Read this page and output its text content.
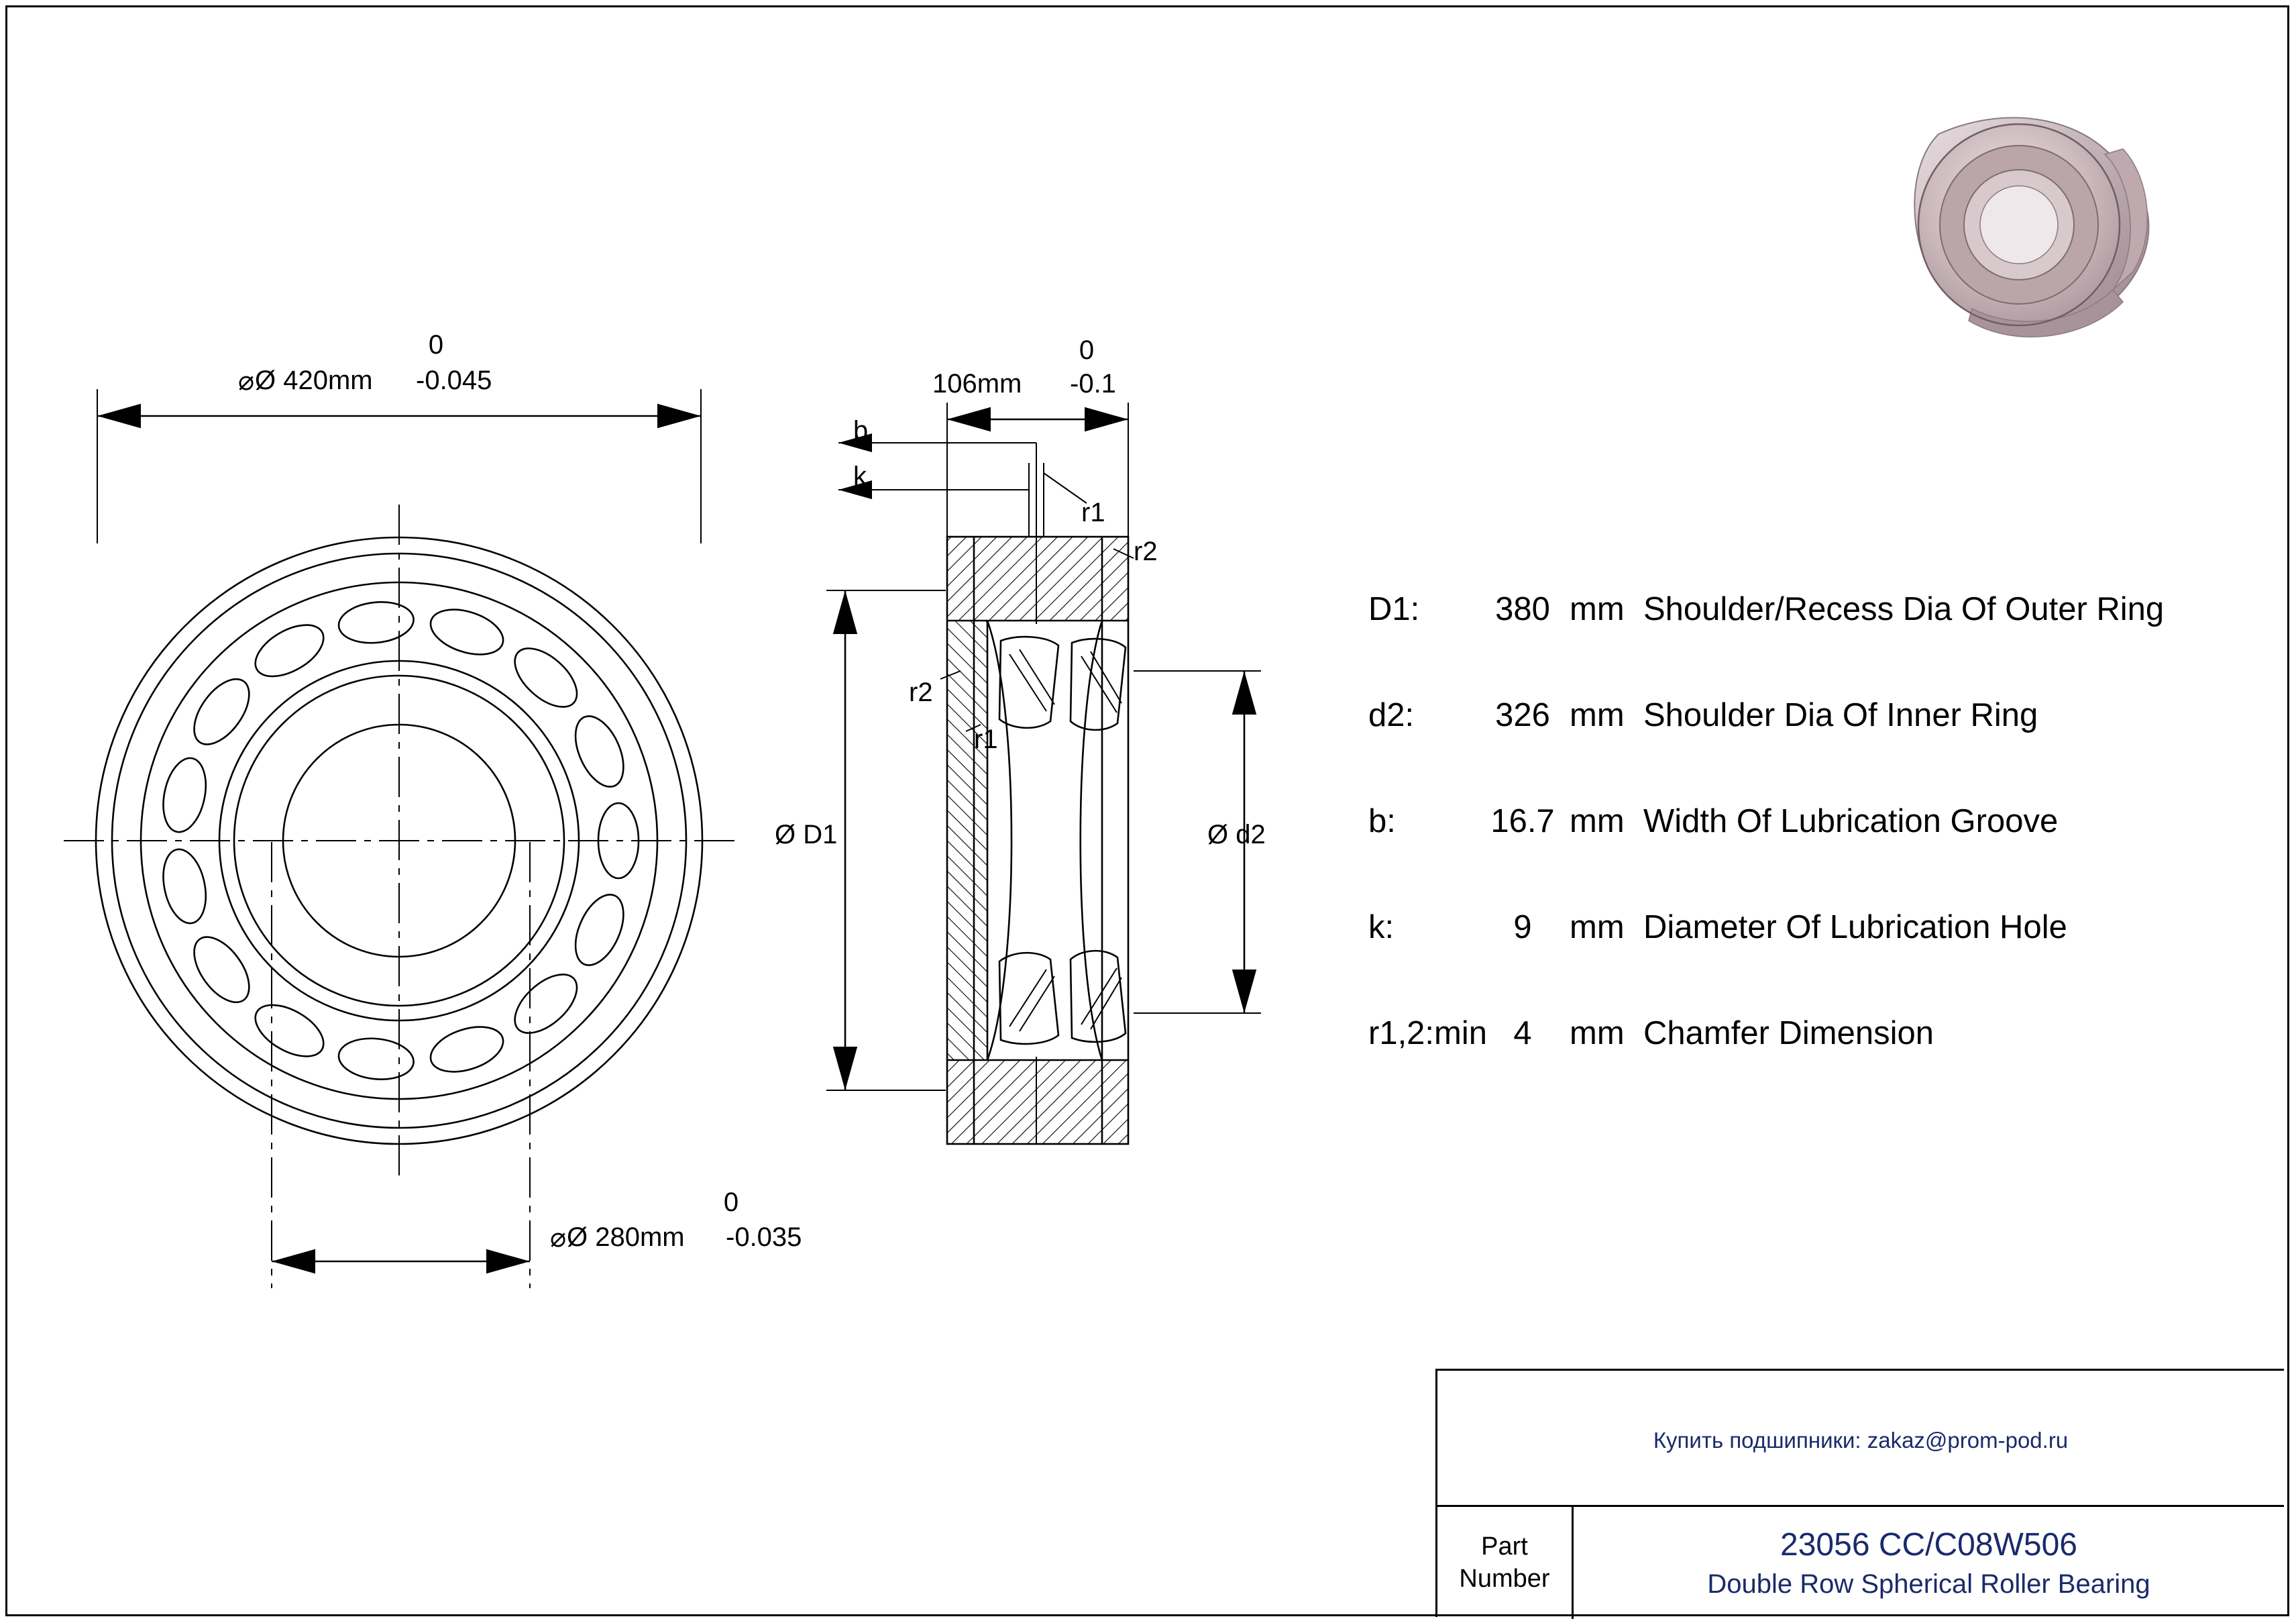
0
Ø 420mm -0.045
⌀
0
Ø 280mm -0.035
⌀
0
106mm -0.1
b
k
r1
r2
r2
r1
Ø D1	Ø d2
D1:	380 mm Shoulder/Recess Dia Of Outer Ring
d2:	326 mm Shoulder Dia Of Inner Ring
b:	16.7 mm Width Of Lubrication Groove
k:	9	mm Diameter Of Lubrication Hole
r1,2:min 4	mm Chamfer Dimension
Купить подшипники: zakaz@prom-pod.ru
Part
Number
23056 CC/C08W506
Double Row Spherical Roller Bearing
